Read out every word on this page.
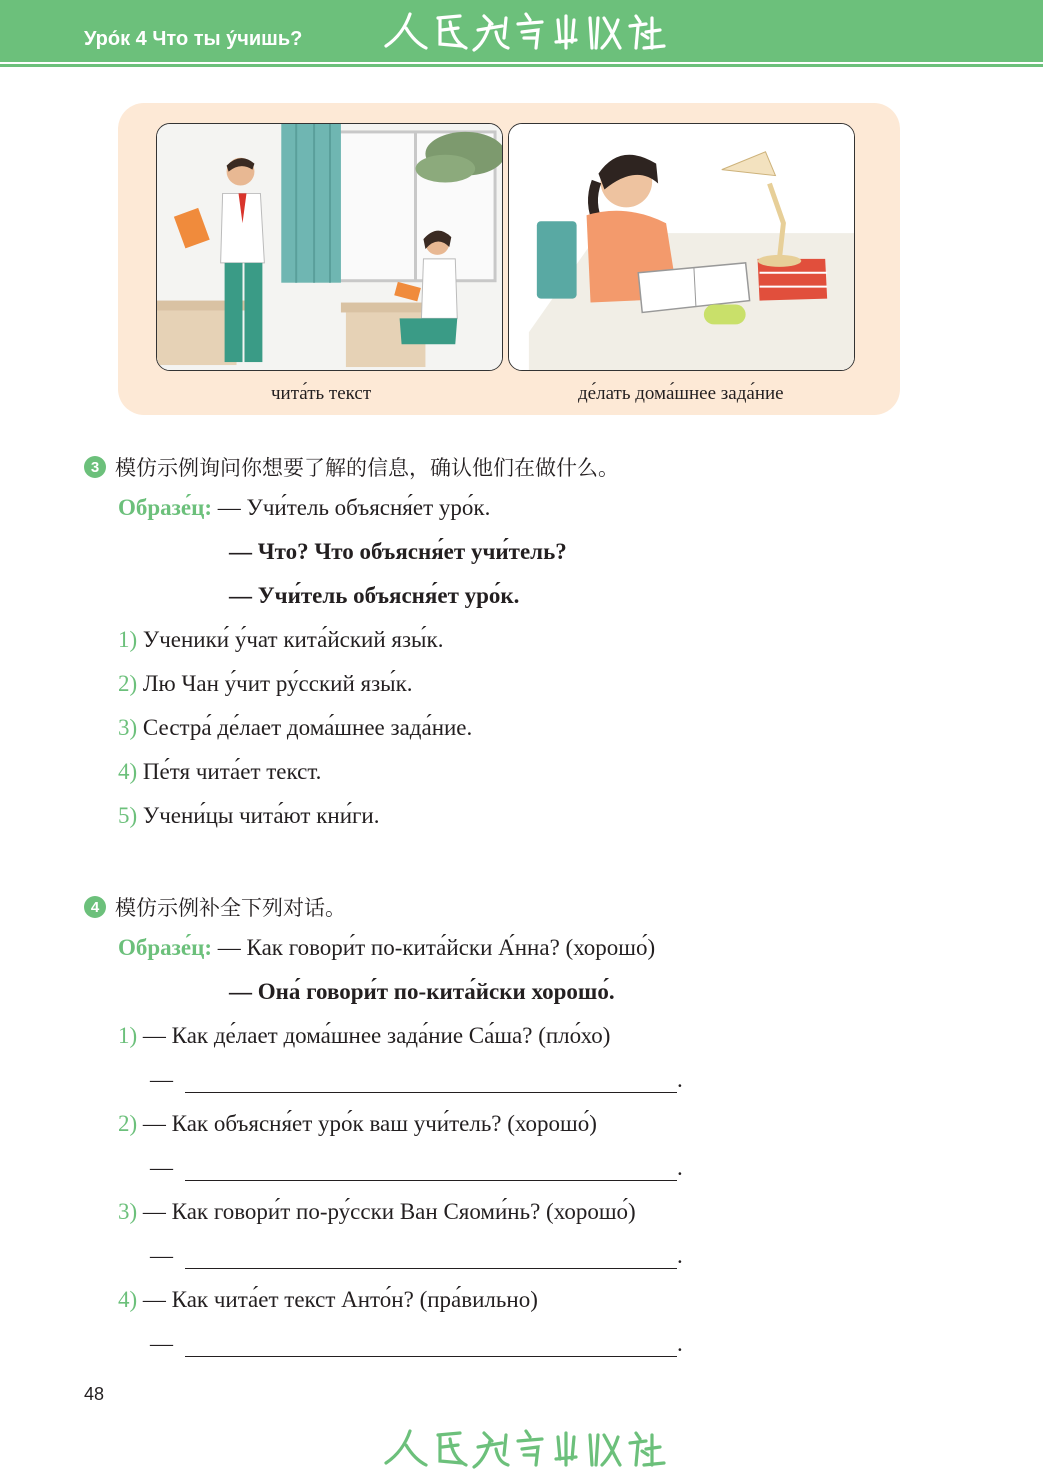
Уро́к 4 Что ты у́чишь?
чита́ть текст	де́лать дома́шнее зада́ние
3 模仿示例询问你想要了解的信息，确认他们在做什么。
Образе́ц: — Учи́тель объясня́ет уро́к.
— Что? Что объясня́ет учи́тель?
— Учи́тель объясня́ет уро́к.
1) Ученики́ у́чат кита́йский язы́к.
2) Лю Чан у́чит ру́сский язы́к.
3) Сестра́ де́лает дома́шнее зада́ние.
4) Пе́тя чита́ет текст.
5) Учени́цы чита́ют кни́ги.
4 模仿示例补全下列对话。
Образе́ц: — Как говори́т по-кита́йски А́нна? (хорошо́)
— Она́ говори́т по-кита́йски хорошо́.
1) — Как де́лает дома́шнее зада́ние Са́ша? (пло́хо)
—	.
2) — Как объясня́ет уро́к ваш учи́тель? (хорошо́)
—	.
3) — Как говори́т по-ру́сски Ван Сяоми́нь? (хорошо́)
—	.
4) — Как чита́ет текст Анто́н? (пра́вильно)
—	.
48
